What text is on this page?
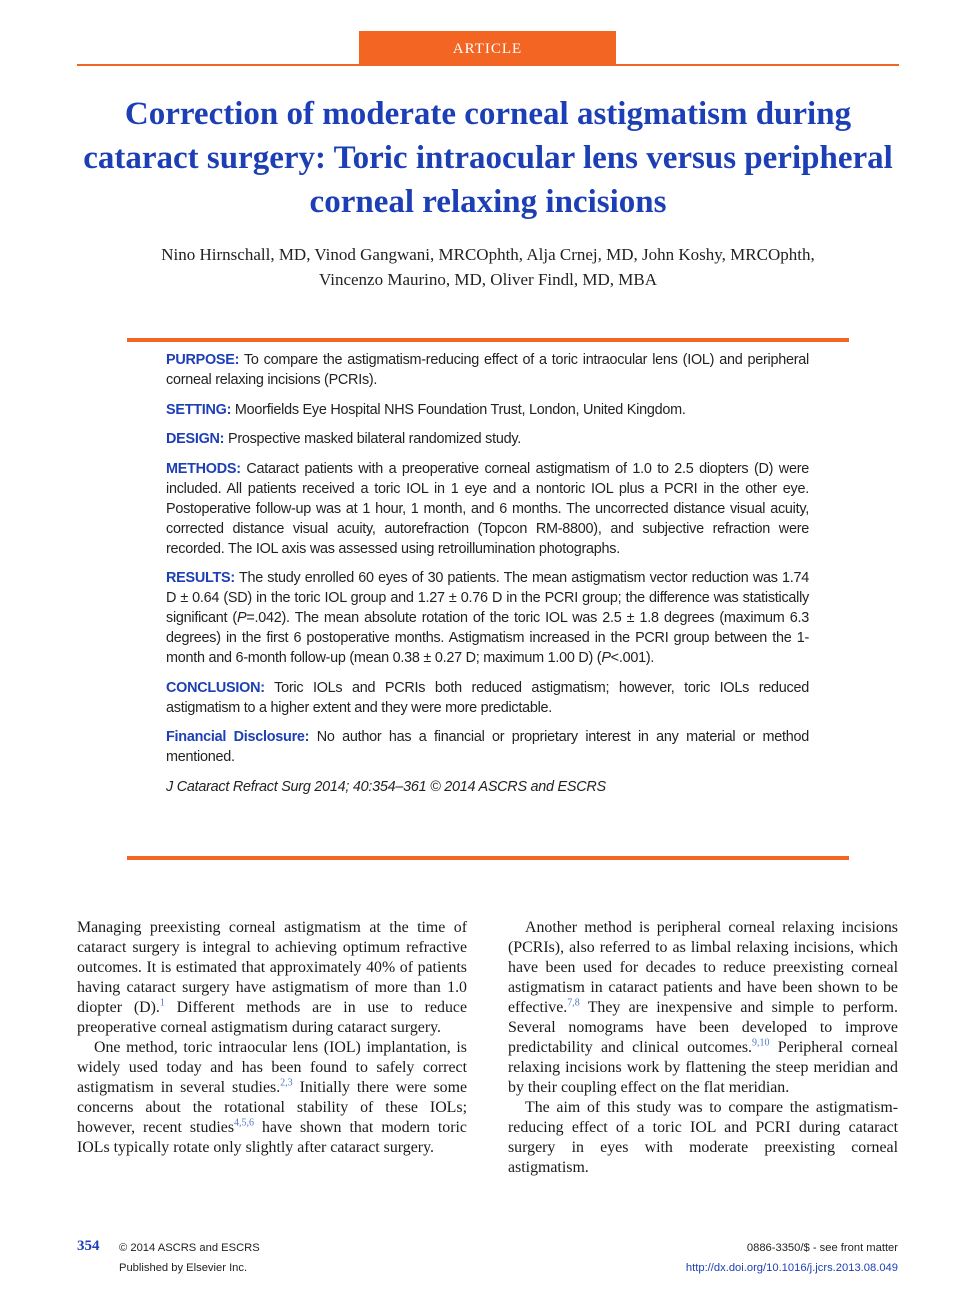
ARTICLE
Correction of moderate corneal astigmatism during cataract surgery: Toric intraocular lens versus peripheral corneal relaxing incisions
Nino Hirnschall, MD, Vinod Gangwani, MRCOphth, Alja Crnej, MD, John Koshy, MRCOphth,
Vincenzo Maurino, MD, Oliver Findl, MD, MBA

PURPOSE: To compare the astigmatism-reducing effect of a toric intraocular lens (IOL) and peripheral corneal relaxing incisions (PCRIs).

SETTING: Moorfields Eye Hospital NHS Foundation Trust, London, United Kingdom.

DESIGN: Prospective masked bilateral randomized study.

METHODS: Cataract patients with a preoperative corneal astigmatism of 1.0 to 2.5 diopters (D) were included. All patients received a toric IOL in 1 eye and a nontoric IOL plus a PCRI in the other eye. Postoperative follow-up was at 1 hour, 1 month, and 6 months. The uncorrected distance visual acuity, corrected distance visual acuity, autorefraction (Topcon RM-8800), and subjective refraction were recorded. The IOL axis was assessed using retroillumination photographs.

RESULTS: The study enrolled 60 eyes of 30 patients. The mean astigmatism vector reduction was 1.74 D ± 0.64 (SD) in the toric IOL group and 1.27 ± 0.76 D in the PCRI group; the difference was statistically significant (P=.042). The mean absolute rotation of the toric IOL was 2.5 ± 1.8 degrees (maximum 6.3 degrees) in the first 6 postoperative months. Astigmatism increased in the PCRI group between the 1-month and 6-month follow-up (mean 0.38 ± 0.27 D; maximum 1.00 D) (P<.001).

CONCLUSION: Toric IOLs and PCRIs both reduced astigmatism; however, toric IOLs reduced astigmatism to a higher extent and they were more predictable.

Financial Disclosure: No author has a financial or proprietary interest in any material or method mentioned.

J Cataract Refract Surg 2014; 40:354–361 © 2014 ASCRS and ESCRS

Managing preexisting corneal astigmatism at the time of cataract surgery is integral to achieving optimum refractive outcomes. It is estimated that approximately 40% of patients having cataract surgery have astigmatism of more than 1.0 diopter (D).$^1$ Different methods are in use to reduce preoperative corneal astigmatism during cataract surgery.

One method, toric intraocular lens (IOL) implantation, is widely used today and has been found to safely correct astigmatism in several studies.$^{2,3}$ Initially there were some concerns about the rotational stability of these IOLs; however, recent studies$^{4,5,6}$ have shown that modern toric IOLs typically rotate only slightly after cataract surgery.

Another method is peripheral corneal relaxing incisions (PCRIs), also referred to as limbal relaxing incisions, which have been used for decades to reduce preexisting corneal astigmatism in cataract patients and have been shown to be effective.$^{7,8}$ They are inexpensive and simple to perform. Several nomograms have been developed to improve predictability and clinical outcomes.$^{9,10}$ Peripheral corneal relaxing incisions work by flattening the steep meridian and by their coupling effect on the flat meridian.

The aim of this study was to compare the astigmatism-reducing effect of a toric IOL and PCRI during cataract surgery in eyes with moderate preexisting corneal astigmatism.

354 © 2014 ASCRS and ESCRS
Published by Elsevier Inc.
0886-3350/$ - see front matter
http://dx.doi.org/10.1016/j.jcrs.2013.08.049
